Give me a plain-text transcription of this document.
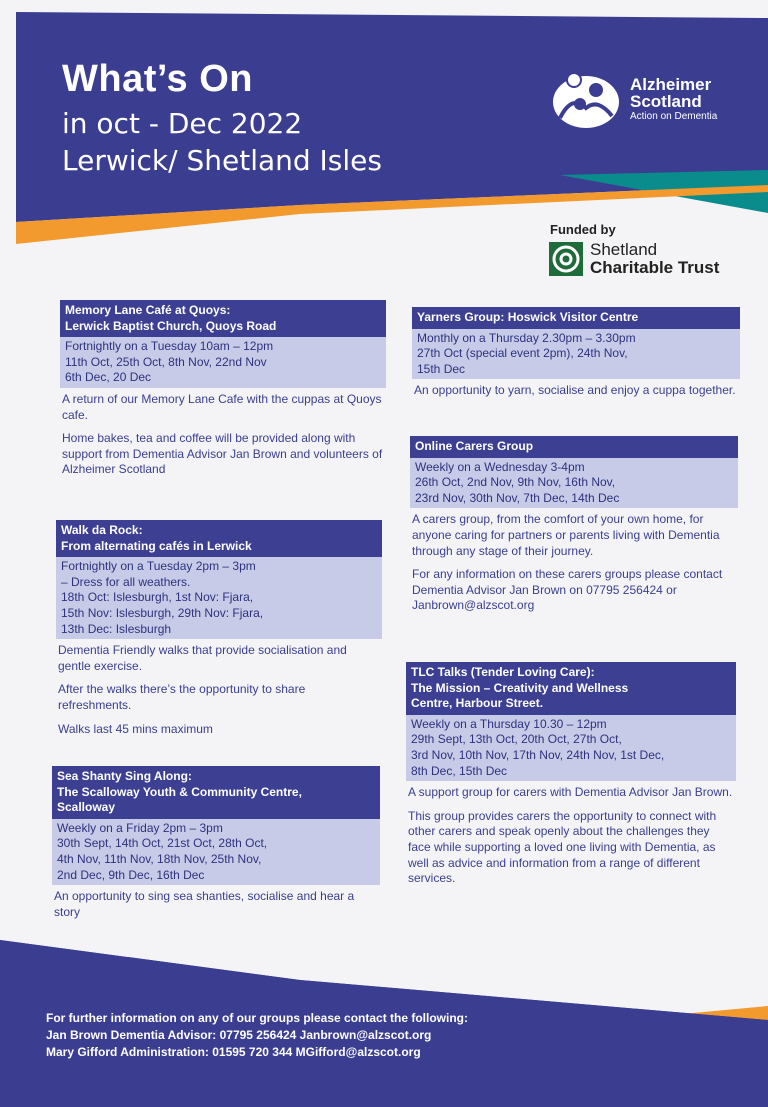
What’s On
in oct - Dec 2022
Lerwick/ Shetland Isles
Alzheimer
Scotland
Action on Dementia
Funded by
Shetland
Charitable Trust
Memory Lane Café at Quoys:
Lerwick Baptist Church, Quoys Road
Fortnightly on a Tuesday 10am – 12pm
11th Oct, 25th Oct, 8th Nov, 22nd Nov
6th Dec, 20 Dec

A return of our Memory Lane Cafe with the cuppas at Quoys cafe.

Home bakes, tea and coffee will be provided along with support from Dementia Advisor Jan Brown and volunteers of Alzheimer Scotland

Walk da Rock:
From alternating cafés in Lerwick
Fortnightly on a Tuesday 2pm – 3pm
– Dress for all weathers.
18th Oct: Islesburgh, 1st Nov: Fjara,
15th Nov: Islesburgh, 29th Nov: Fjara,
13th Dec: Islesburgh

Dementia Friendly walks that provide socialisation and gentle exercise.

After the walks there’s the opportunity to share refreshments.

Walks last 45 mins maximum

Sea Shanty Sing Along:
The Scalloway Youth & Community Centre,
Scalloway
Weekly on a Friday 2pm – 3pm
30th Sept, 14th Oct, 21st Oct, 28th Oct,
4th Nov, 11th Nov, 18th Nov, 25th Nov,
2nd Dec, 9th Dec, 16th Dec

An opportunity to sing sea shanties, socialise and hear a story

Yarners Group: Hoswick Visitor Centre
Monthly on a Thursday 2.30pm – 3.30pm
27th Oct (special event 2pm), 24th Nov,
15th Dec

An opportunity to yarn, socialise and enjoy a cuppa together.

Online Carers Group
Weekly on a Wednesday 3-4pm
26th Oct, 2nd Nov, 9th Nov, 16th Nov,
23rd Nov, 30th Nov, 7th Dec, 14th Dec

A carers group, from the comfort of your own home, for anyone caring for partners or parents living with Dementia through any stage of their journey.

For any information on these carers groups please contact Dementia Advisor Jan Brown on 07795 256424 or Janbrown@alzscot.org

TLC Talks (Tender Loving Care):
The Mission – Creativity and Wellness
Centre, Harbour Street.
Weekly on a Thursday 10.30 – 12pm
29th Sept, 13th Oct, 20th Oct, 27th Oct,
3rd Nov, 10th Nov, 17th Nov, 24th Nov, 1st Dec,
8th Dec, 15th Dec

A support group for carers with Dementia Advisor Jan Brown.

This group provides carers the opportunity to connect with other carers and speak openly about the challenges they face while supporting a loved one living with Dementia, as well as advice and information from a range of different services.

For further information on any of our groups please contact the following:
Jan Brown Dementia Advisor: 07795 256424 Janbrown@alzscot.org
Mary Gifford Administration: 01595 720 344 MGifford@alzscot.org
